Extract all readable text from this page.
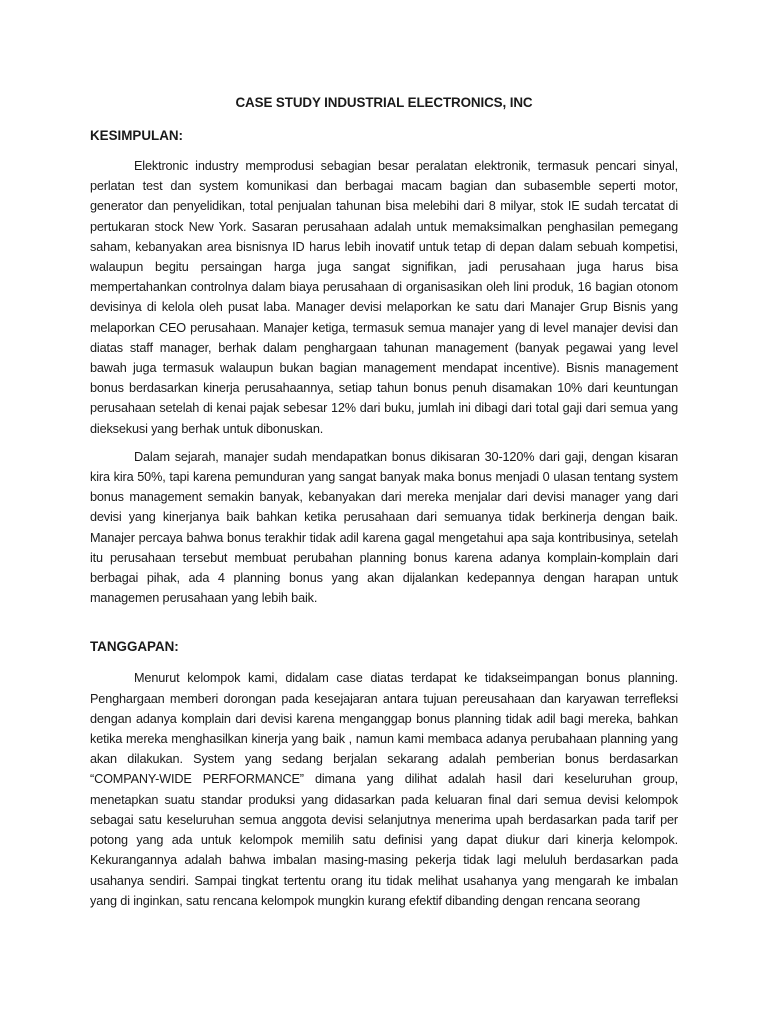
CASE STUDY INDUSTRIAL ELECTRONICS, INC
KESIMPULAN:

Elektronic industry memprodusi sebagian besar peralatan elektronik, termasuk pencari sinyal, perlatan test dan system komunikasi dan berbagai macam bagian dan subasemble seperti motor, generator dan penyelidikan, total penjualan tahunan bisa melebihi dari 8 milyar, stok IE sudah tercatat di pertukaran stock New York. Sasaran perusahaan adalah untuk memaksimalkan penghasilan pemegang saham, kebanyakan area bisnisnya ID harus lebih inovatif untuk tetap di depan dalam sebuah kompetisi, walaupun begitu persaingan harga juga sangat signifikan, jadi perusahaan juga harus bisa mempertahankan controlnya dalam biaya perusahaan di organisasikan oleh lini produk, 16 bagian otonom devisinya di kelola oleh pusat laba. Manager devisi melaporkan ke satu dari Manajer Grup Bisnis yang melaporkan CEO perusahaan. Manajer ketiga, termasuk semua manajer yang di level manajer devisi dan diatas staff manager, berhak dalam penghargaan tahunan management (banyak pegawai yang level bawah juga termasuk walaupun bukan bagian management mendapat incentive). Bisnis management bonus berdasarkan kinerja perusahaannya, setiap tahun bonus penuh disamakan 10% dari keuntungan perusahaan setelah di kenai pajak sebesar 12% dari buku, jumlah ini dibagi dari total gaji dari semua yang dieksekusi yang berhak untuk dibonuskan.

Dalam sejarah, manajer sudah mendapatkan bonus dikisaran 30-120% dari gaji, dengan kisaran kira kira 50%, tapi karena pemunduran yang sangat banyak maka bonus menjadi 0 ulasan tentang system bonus management semakin banyak, kebanyakan dari mereka menjalar dari devisi manager yang dari devisi yang kinerjanya baik bahkan ketika perusahaan dari semuanya tidak berkinerja dengan baik. Manajer percaya bahwa bonus terakhir tidak adil karena gagal mengetahui apa saja kontribusinya, setelah itu perusahaan tersebut membuat perubahan planning bonus karena adanya komplain-komplain dari berbagai pihak, ada 4 planning bonus yang akan dijalankan kedepannya dengan harapan untuk managemen perusahaan yang lebih baik.

TANGGAPAN:

Menurut kelompok kami, didalam case diatas terdapat ke tidakseimpangan bonus planning. Penghargaan memberi dorongan pada kesejajaran antara tujuan pereusahaan dan karyawan terrefleksi dengan adanya komplain dari devisi karena menganggap bonus planning tidak adil bagi mereka, bahkan ketika mereka menghasilkan kinerja yang baik , namun kami membaca adanya perubahaan planning yang akan dilakukan. System yang sedang berjalan sekarang adalah pemberian bonus berdasarkan “COMPANY-WIDE PERFORMANCE” dimana yang dilihat adalah hasil dari keseluruhan group, menetapkan suatu standar produksi yang didasarkan pada keluaran final dari semua devisi kelompok sebagai satu keseluruhan semua anggota devisi selanjutnya menerima upah berdasarkan pada tarif per potong yang ada untuk kelompok memilih satu definisi yang dapat diukur dari kinerja kelompok. Kekurangannya adalah bahwa imbalan masing-masing pekerja tidak lagi meluluh berdasarkan pada usahanya sendiri. Sampai tingkat tertentu orang itu tidak melihat usahanya yang mengarah ke imbalan yang di inginkan, satu rencana kelompok mungkin kurang efektif dibanding dengan rencana seorang
